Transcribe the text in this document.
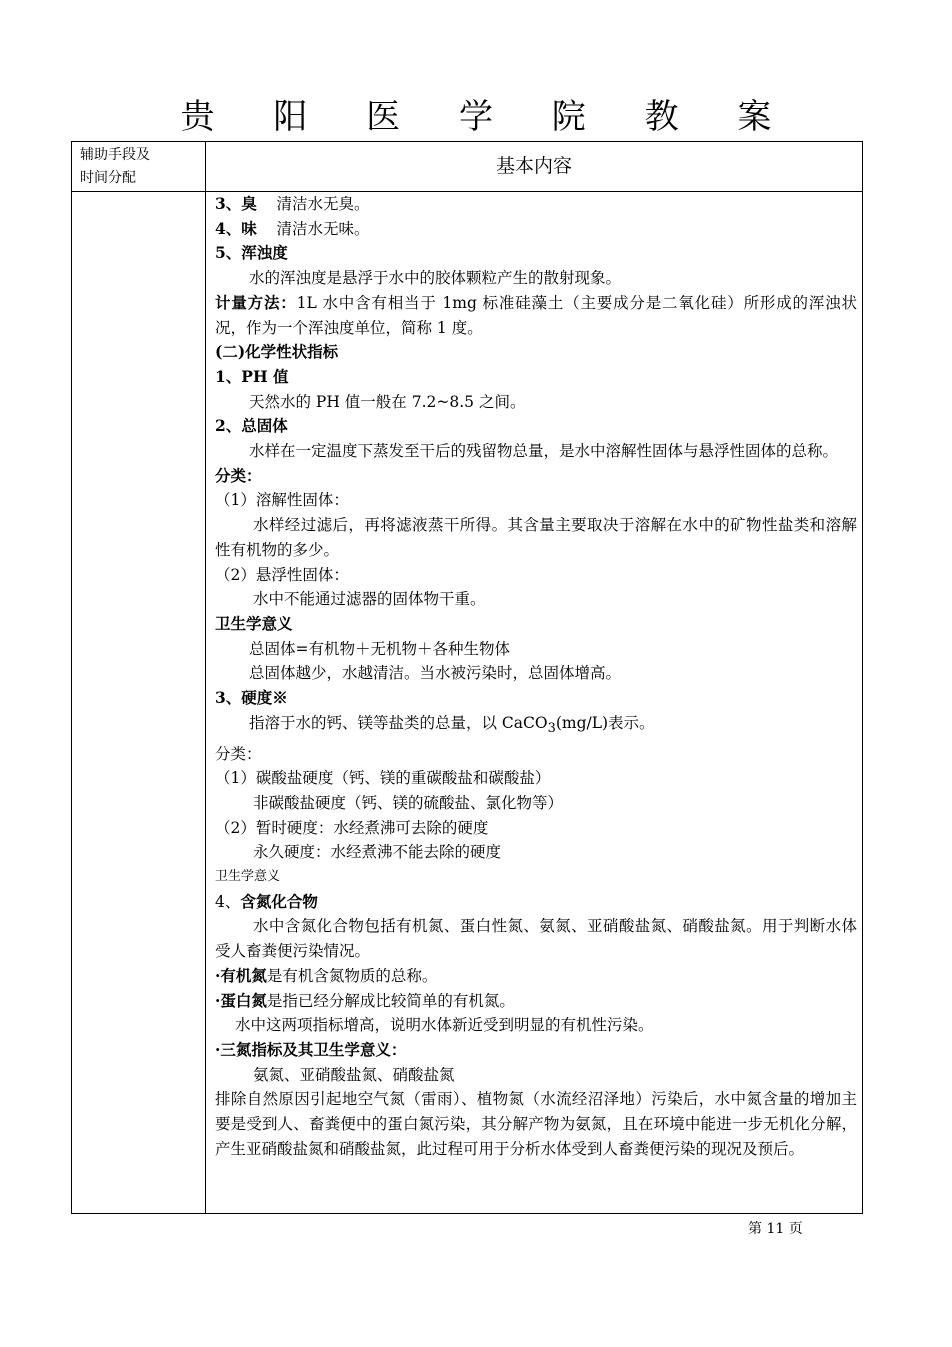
贵 阳 医 学 院 教 案
辅助手段及
时间分配
基本内容
3、臭 清洁水无臭。
4、味 清洁水无味。
5、浑浊度
水的浑浊度是悬浮于水中的胶体颗粒产生的散射现象。
计量方法：1L 水中含有相当于 1mg 标准硅藻土（主要成分是二氧化硅）所形成的浑浊状况，作为一个浑浊度单位，简称 1 度。
(二)化学性状指标
1、PH 值
天然水的 PH 值一般在 7.2~8.5 之间。
2、总固体
水样在一定温度下蒸发至干后的残留物总量，是水中溶解性固体与悬浮性固体的总称。
分类：
（1）溶解性固体：
水样经过滤后，再将滤液蒸干所得。其含量主要取决于溶解在水中的矿物性盐类和溶解性有机物的多少。
（2）悬浮性固体：
水中不能通过滤器的固体物干重。
卫生学意义
总固体=有机物＋无机物＋各种生物体
总固体越少，水越清洁。当水被污染时，总固体增高。
3、硬度※
指溶于水的钙、镁等盐类的总量，以 CaCO$_3$(mg/L)表示。
分类：
（1）碳酸盐硬度（钙、镁的重碳酸盐和碳酸盐）
非碳酸盐硬度（钙、镁的硫酸盐、氯化物等）
（2）暂时硬度：水经煮沸可去除的硬度
永久硬度：水经煮沸不能去除的硬度
卫生学意义
4、含氮化合物
水中含氮化合物包括有机氮、蛋白性氮、氨氮、亚硝酸盐氮、硝酸盐氮。用于判断水体受人畜粪便污染情况。
·有机氮是有机含氮物质的总称。
·蛋白氮是指已经分解成比较简单的有机氮。
水中这两项指标增高，说明水体新近受到明显的有机性污染。
·三氮指标及其卫生学意义：
氨氮、亚硝酸盐氮、硝酸盐氮
排除自然原因引起地空气氮（雷雨）、植物氮（水流经沼泽地）污染后，水中氮含量的增加主要是受到人、畜粪便中的蛋白氮污染，其分解产物为氨氮，且在环境中能进一步无机化分解，产生亚硝酸盐氮和硝酸盐氮，此过程可用于分析水体受到人畜粪便污染的现况及预后。
第 11 页
